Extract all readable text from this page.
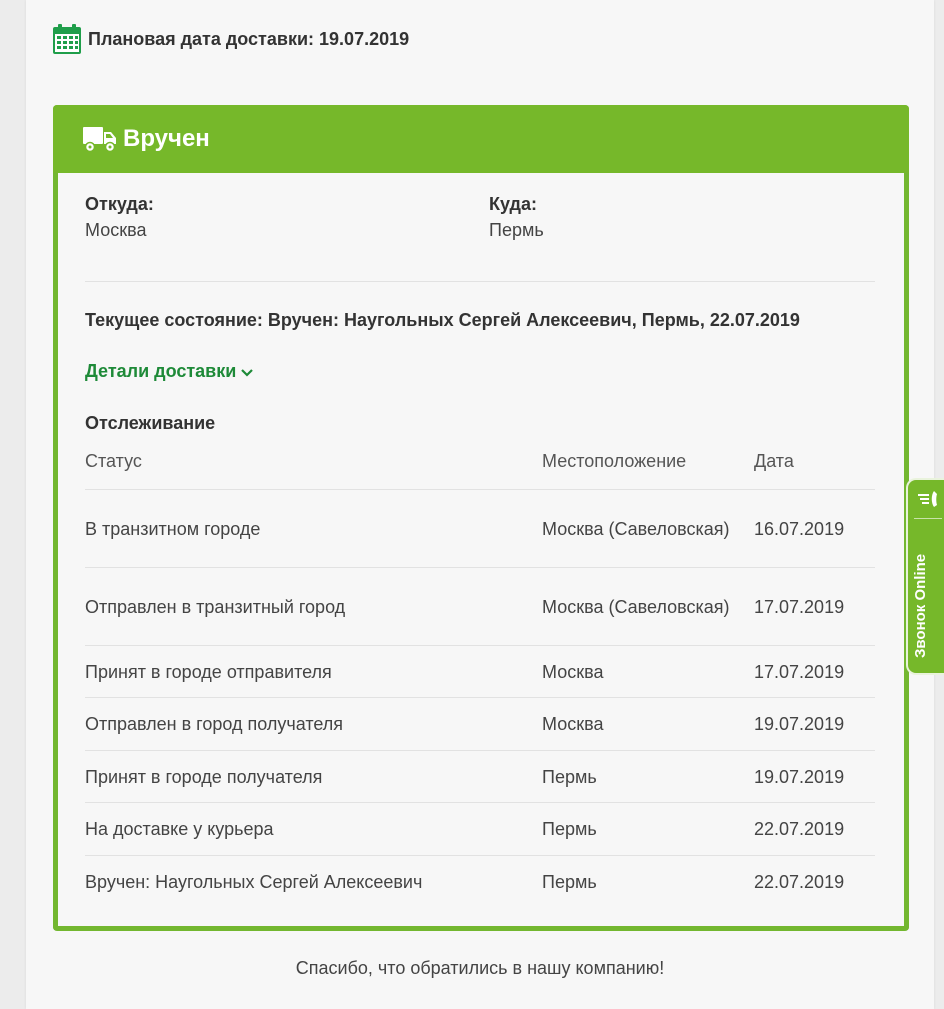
Плановая дата доставки:
19.07.2019
Вручен
Откуда:
Москва
Куда:
Пермь
Текущее состояние: Вручен: Наугольных Сергей Алексеевич, Пермь, 22.07.2019
Детали доставки
Отслеживание
Статус	Местоположение	Дата
В транзитном городе	Москва (Савеловская)	16.07.2019
Отправлен в транзитный город	Москва (Савеловская)	17.07.2019
Принят в городе отправителя	Москва	17.07.2019
Отправлен в город получателя	Москва	19.07.2019
Принят в городе получателя	Пермь	19.07.2019
На доставке у курьера	Пермь	22.07.2019
Вручен: Наугольных Сергей Алексеевич	Пермь	22.07.2019
Спасибо, что обратились в нашу компанию!
Звонок Online
